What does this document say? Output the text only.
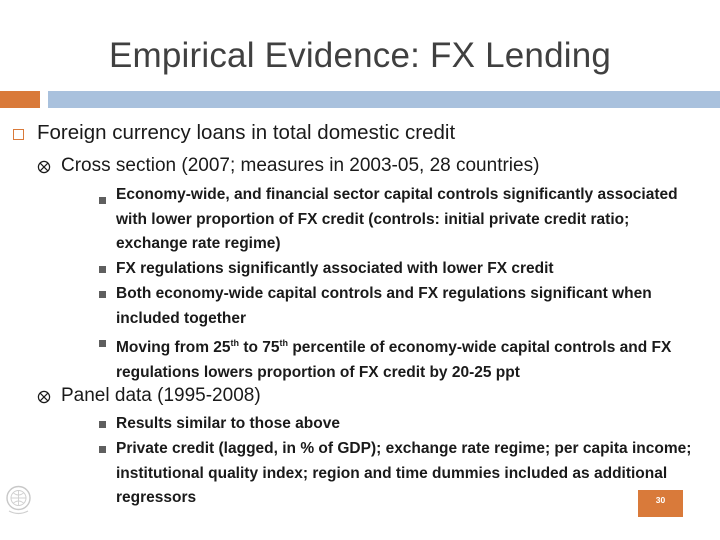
Empirical Evidence: FX Lending
Foreign currency loans in total domestic credit
Cross section (2007; measures in 2003-05, 28 countries)
Economy-wide, and financial sector capital controls significantly associated with lower proportion of FX credit (controls: initial private credit ratio; exchange rate regime)
FX regulations significantly associated with lower FX credit
Both economy-wide capital controls and FX regulations significant when included together
Moving from 25th to 75th percentile of economy-wide capital controls and FX regulations lowers proportion of FX credit by 20-25 ppt
Panel data (1995-2008)
Results similar to those above
Private credit (lagged, in % of GDP); exchange rate regime; per capita income; institutional quality index; region and time dummies included as additional regressors	30
